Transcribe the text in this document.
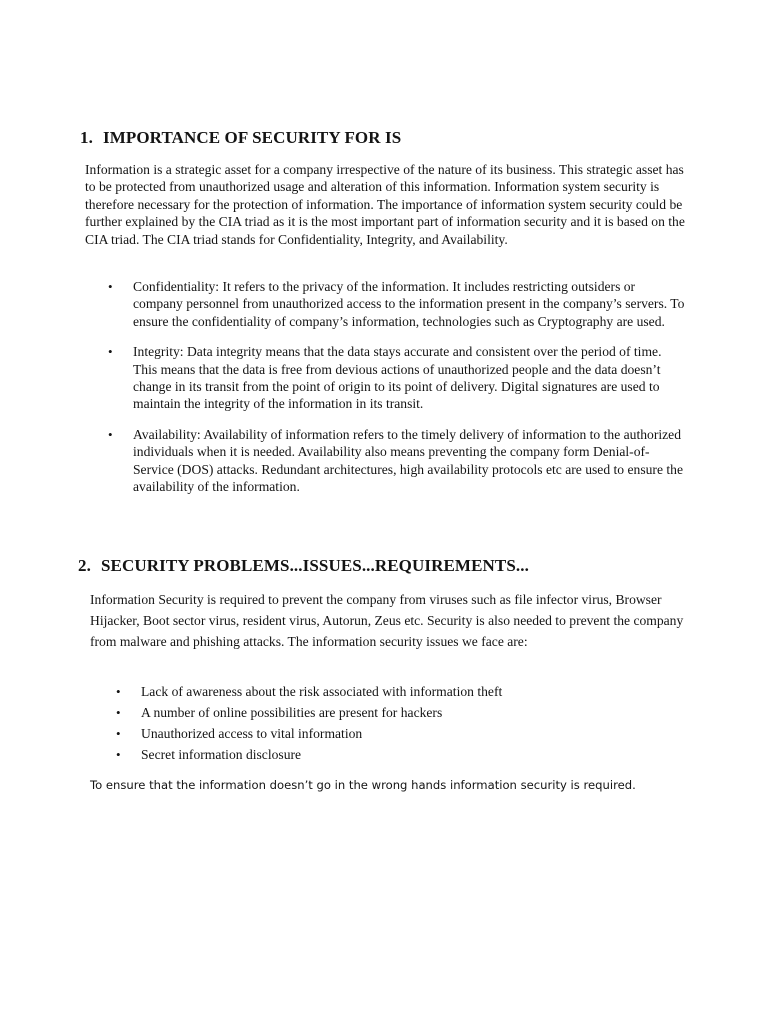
1. IMPORTANCE OF SECURITY FOR IS

Information is a strategic asset for a company irrespective of the nature of its business. This strategic asset has to be protected from unauthorized usage and alteration of this information. Information system security is therefore necessary for the protection of information. The importance of information system security could be further explained by the CIA triad as it is the most important part of information security and it is based on the CIA triad. The CIA triad stands for Confidentiality, Integrity, and Availability.

• Confidentiality: It refers to the privacy of the information. It includes restricting outsiders or company personnel from unauthorized access to the information present in the company’s servers. To ensure the confidentiality of company’s information, technologies such as Cryptography are used.
• Integrity: Data integrity means that the data stays accurate and consistent over the period of time. This means that the data is free from devious actions of unauthorized people and the data doesn’t change in its transit from the point of origin to its point of delivery. Digital signatures are used to maintain the integrity of the information in its transit.
• Availability: Availability of information refers to the timely delivery of information to the authorized individuals when it is needed. Availability also means preventing the company form Denial-of-Service (DOS) attacks. Redundant architectures, high availability protocols etc are used to ensure the availability of the information.
2. SECURITY PROBLEMS...ISSUES...REQUIREMENTS...

Information Security is required to prevent the company from viruses such as file infector virus, Browser Hijacker, Boot sector virus, resident virus, Autorun, Zeus etc. Security is also needed to prevent the company from malware and phishing attacks. The information security issues we face are:

• Lack of awareness about the risk associated with information theft
• A number of online possibilities are present for hackers
• Unauthorized access to vital information
• Secret information disclosure

To ensure that the information doesn’t go in the wrong hands information security is required.
